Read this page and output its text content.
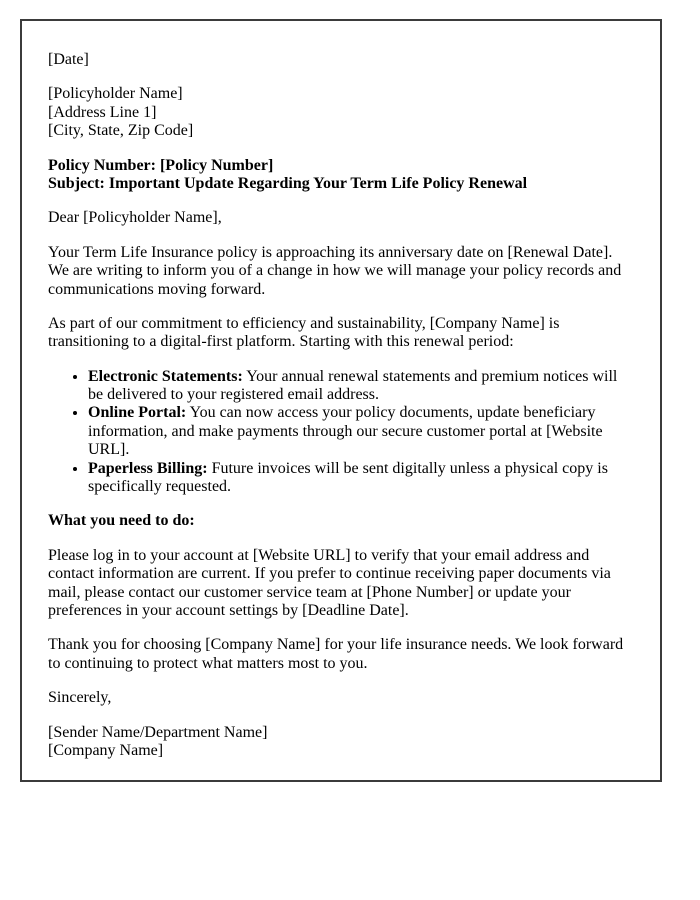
[Date]

[Policyholder Name]
[Address Line 1]
[City, State, Zip Code]
Policy Number: [Policy Number]
Subject: Important Update Regarding Your Term Life Policy Renewal

Dear [Policyholder Name],

Your Term Life Insurance policy is approaching its anniversary date on [Renewal Date]. We are writing to inform you of a change in how we will manage your policy records and communications moving forward.

As part of our commitment to efficiency and sustainability, [Company Name] is transitioning to a digital-first platform. Starting with this renewal period:

• Electronic Statements: Your annual renewal statements and premium notices will be delivered to your registered email address.
• Online Portal: You can now access your policy documents, update beneficiary information, and make payments through our secure customer portal at [Website URL].
• Paperless Billing: Future invoices will be sent digitally unless a physical copy is specifically requested.

What you need to do:

Please log in to your account at [Website URL] to verify that your email address and contact information are current. If you prefer to continue receiving paper documents via mail, please contact our customer service team at [Phone Number] or update your preferences in your account settings by [Deadline Date].

Thank you for choosing [Company Name] for your life insurance needs. We look forward to continuing to protect what matters most to you.

Sincerely,

[Sender Name/Department Name]
[Company Name]
